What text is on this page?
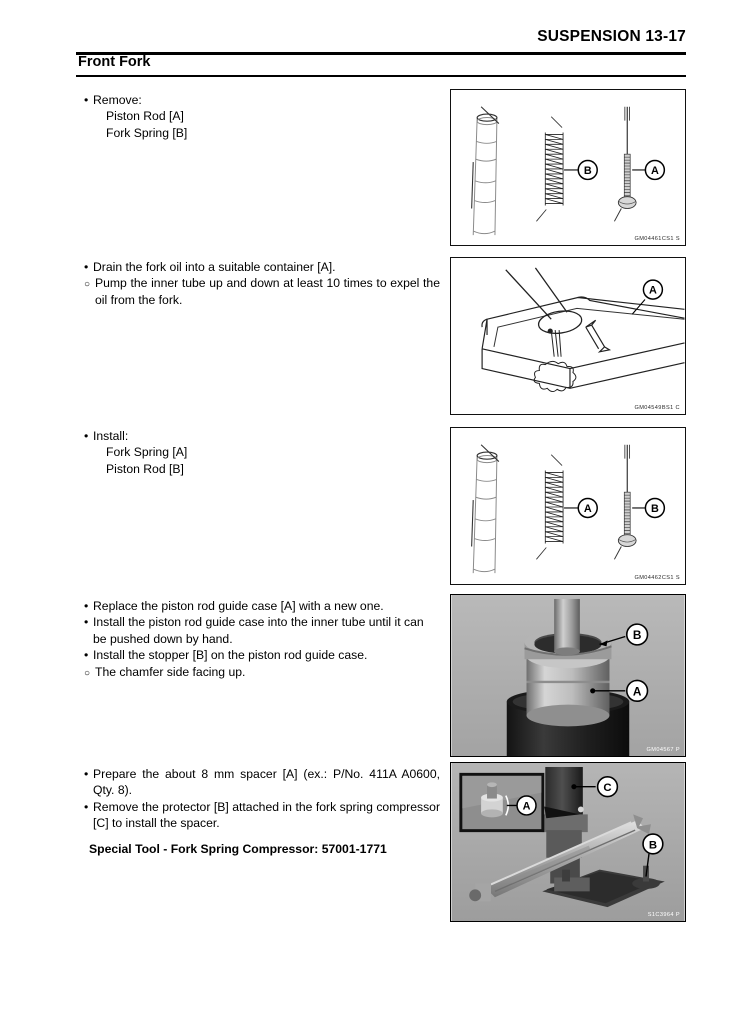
SUSPENSION 13-17
Front Fork

•
Remove:

Piston Rod [A]

Fork Spring [B]

•
Drain the fork oil into a suitable container [A].

○
Pump the inner tube up and down at least 10 times to expel the oil from the fork.

•
Install:

Fork Spring [A]

Piston Rod [B]

•
Replace the piston rod guide case [A] with a new one.

•
Install the piston rod guide case into the inner tube until it can be pushed down by hand.

•
Install the stopper [B] on the piston rod guide case.

○
The chamfer side facing up.

•
Prepare the about 8 mm spacer [A] (ex.: P/No. 411A A0600, Qty. 8).

•
Remove the protector [B] attached in the fork spring compressor [C] to install the spacer.

Special Tool - Fork Spring Compressor: 57001-1771

B	A
GM04461CS1 S
A
GM04549BS1 C
A	B
GM04462CS1 S
B
A
GM04567 P
A
C
B
S1C3964 P
